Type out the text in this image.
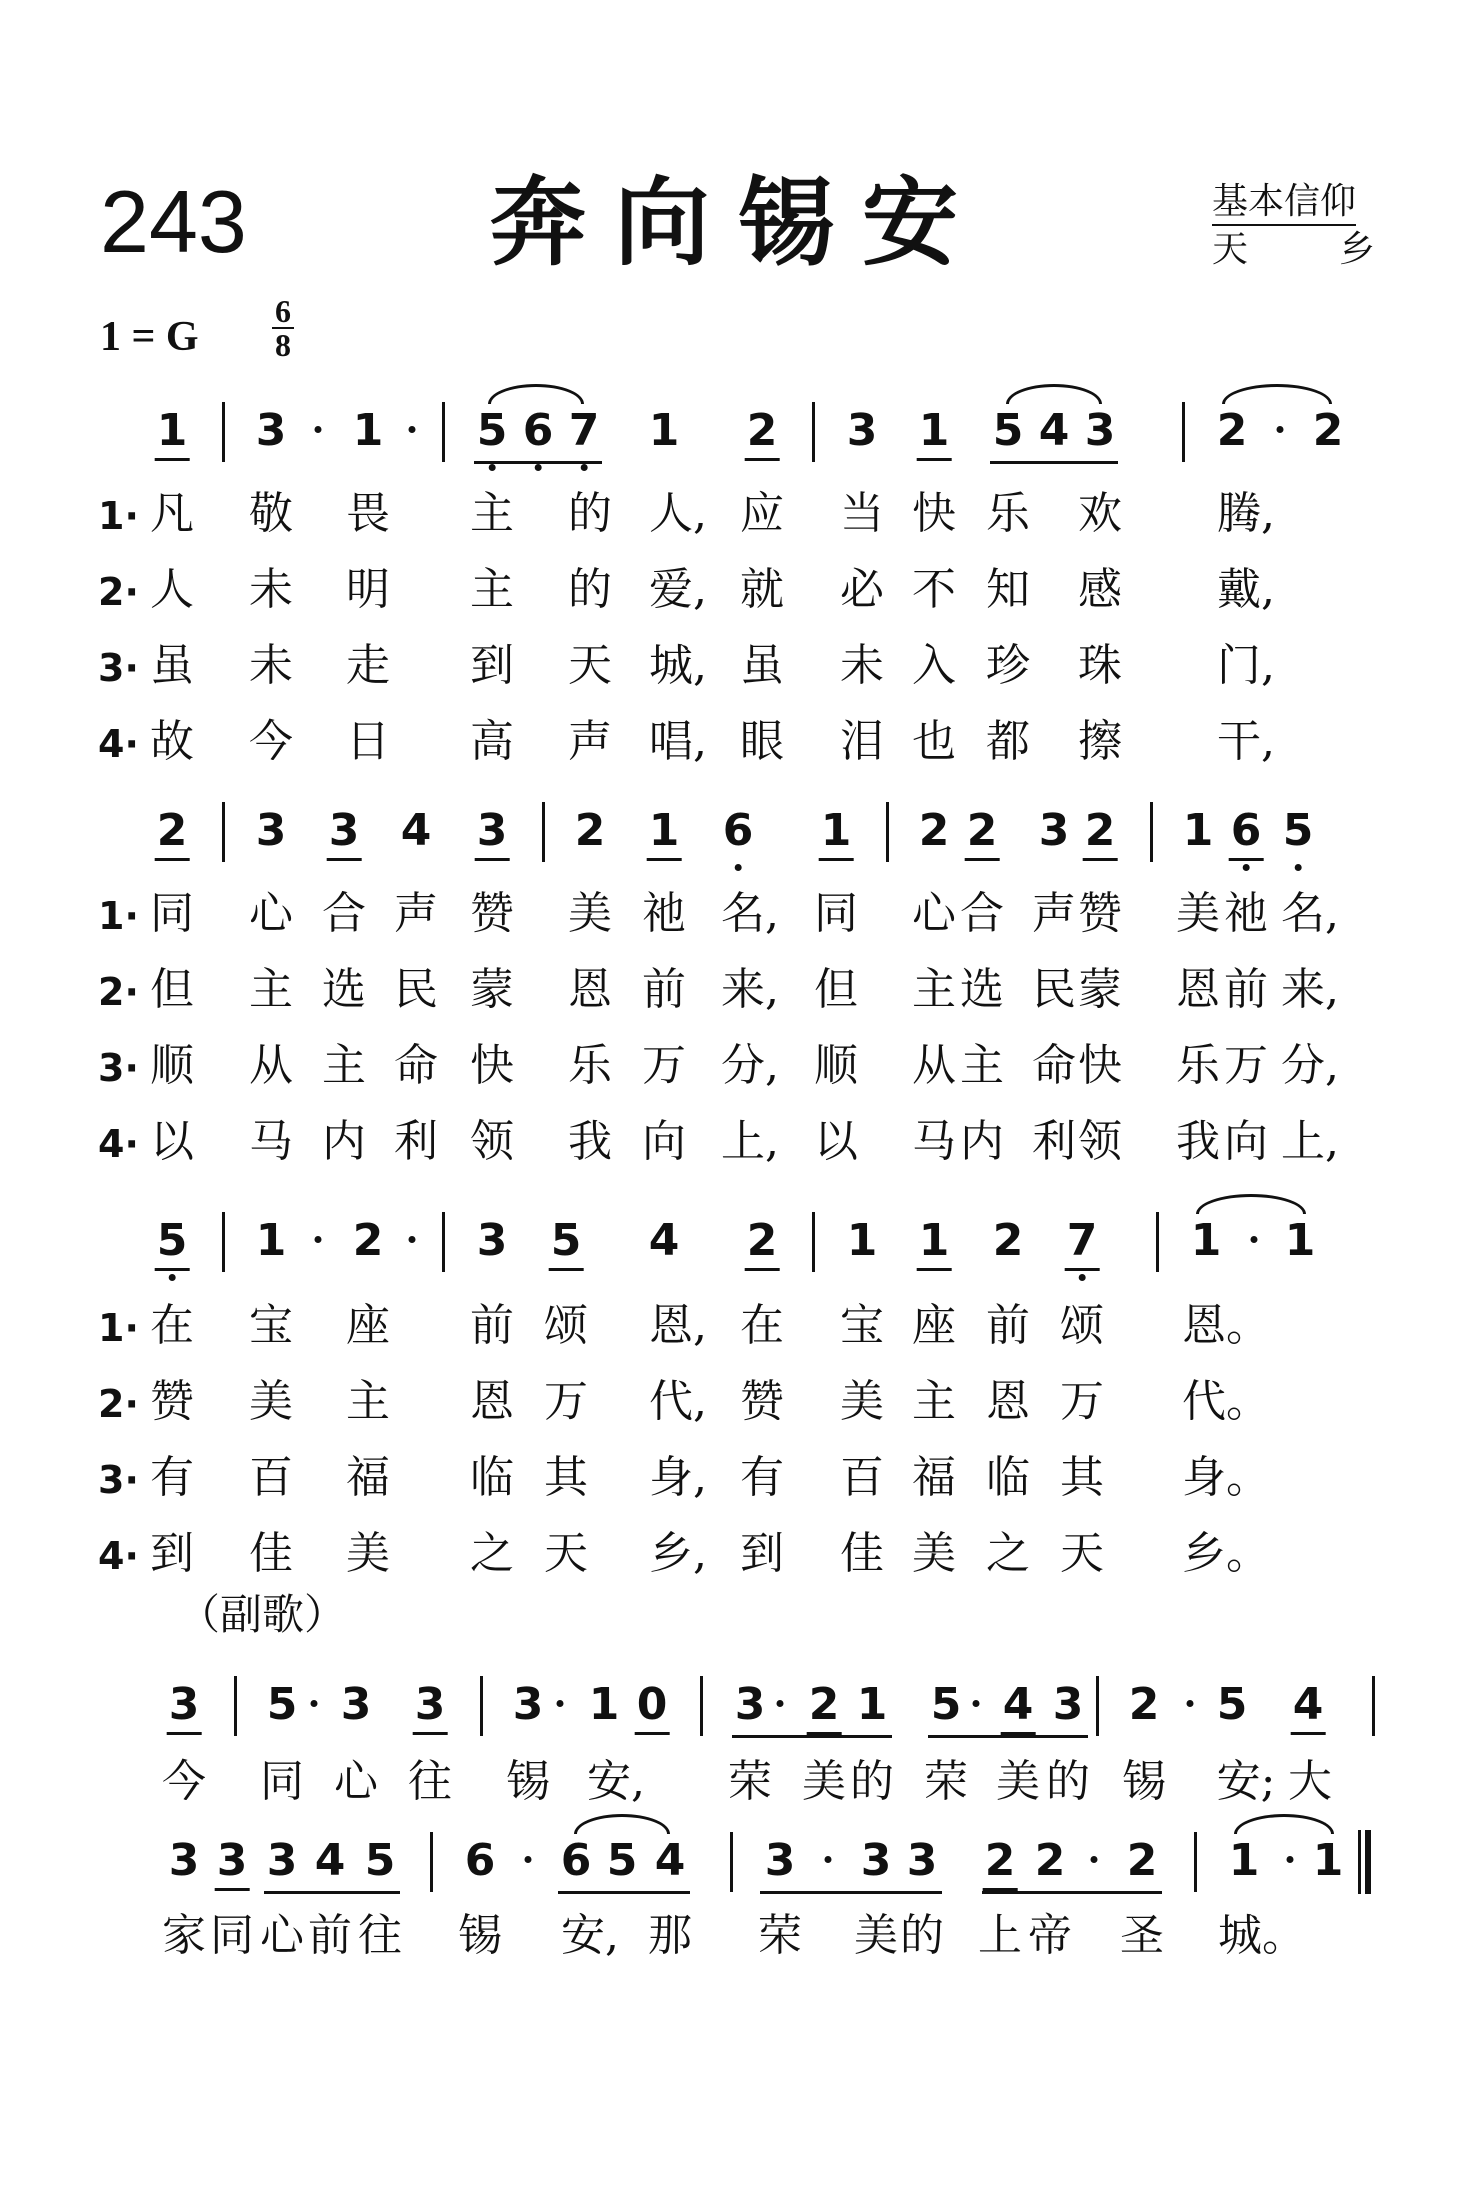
243	奔向锡安	基本信仰
天	乡
1 = G
6
8
1 3 1 5 6 7 1 2 3 1 5 4 3 2 2
1· 凡 敬 畏 主 的 人, 应 当 快 乐 欢 腾,
2· 人 未 明 主 的 爱, 就 必 不 知 感 戴,
3· 虽 未 走 到 天 城, 虽 未 入 珍 珠 门,
4· 故 今 日 高 声 唱, 眼 泪 也 都 擦 干,
2 3 3 4 3 2 1 6 1 2 2 3 2 1 6 5
1· 同 心 合 声 赞 美 祂 名, 同 心 合 声 赞 美 祂 名,
2· 但 主 选 民 蒙 恩 前 来, 但 主 选 民 蒙 恩 前 来,
3· 顺 从 主 命 快 乐 万 分, 顺 从 主 命 快 乐 万 分,
4· 以 马 内 利 领 我 向 上, 以 马 内 利 领 我 向 上,
5 1 2 3 5 4 2 1 1 2 7 1 1
1· 在 宝 座 前 颂 恩, 在 宝 座 前 颂 恩。
2· 赞 美 主 恩 万 代, 赞 美 主 恩 万 代。
3· 有 百 福 临 其 身, 有 百 福 临 其 身。
4· 到 佳 美 之 天 乡, 到 佳 美 之 天 乡。
（副歌）
3 5 3 3 3 1 0 3 2 1 5 4 3 2 5 4
今 同 心 往 锡 安, 荣 美 的 荣 美 的 锡 安; 大
3 3 3 4 5 6 6 5 4 3 3 3 2 2 2 1 1
家 同 心 前 往 锡 安, 那 荣 美 的 上 帝 圣 城。
